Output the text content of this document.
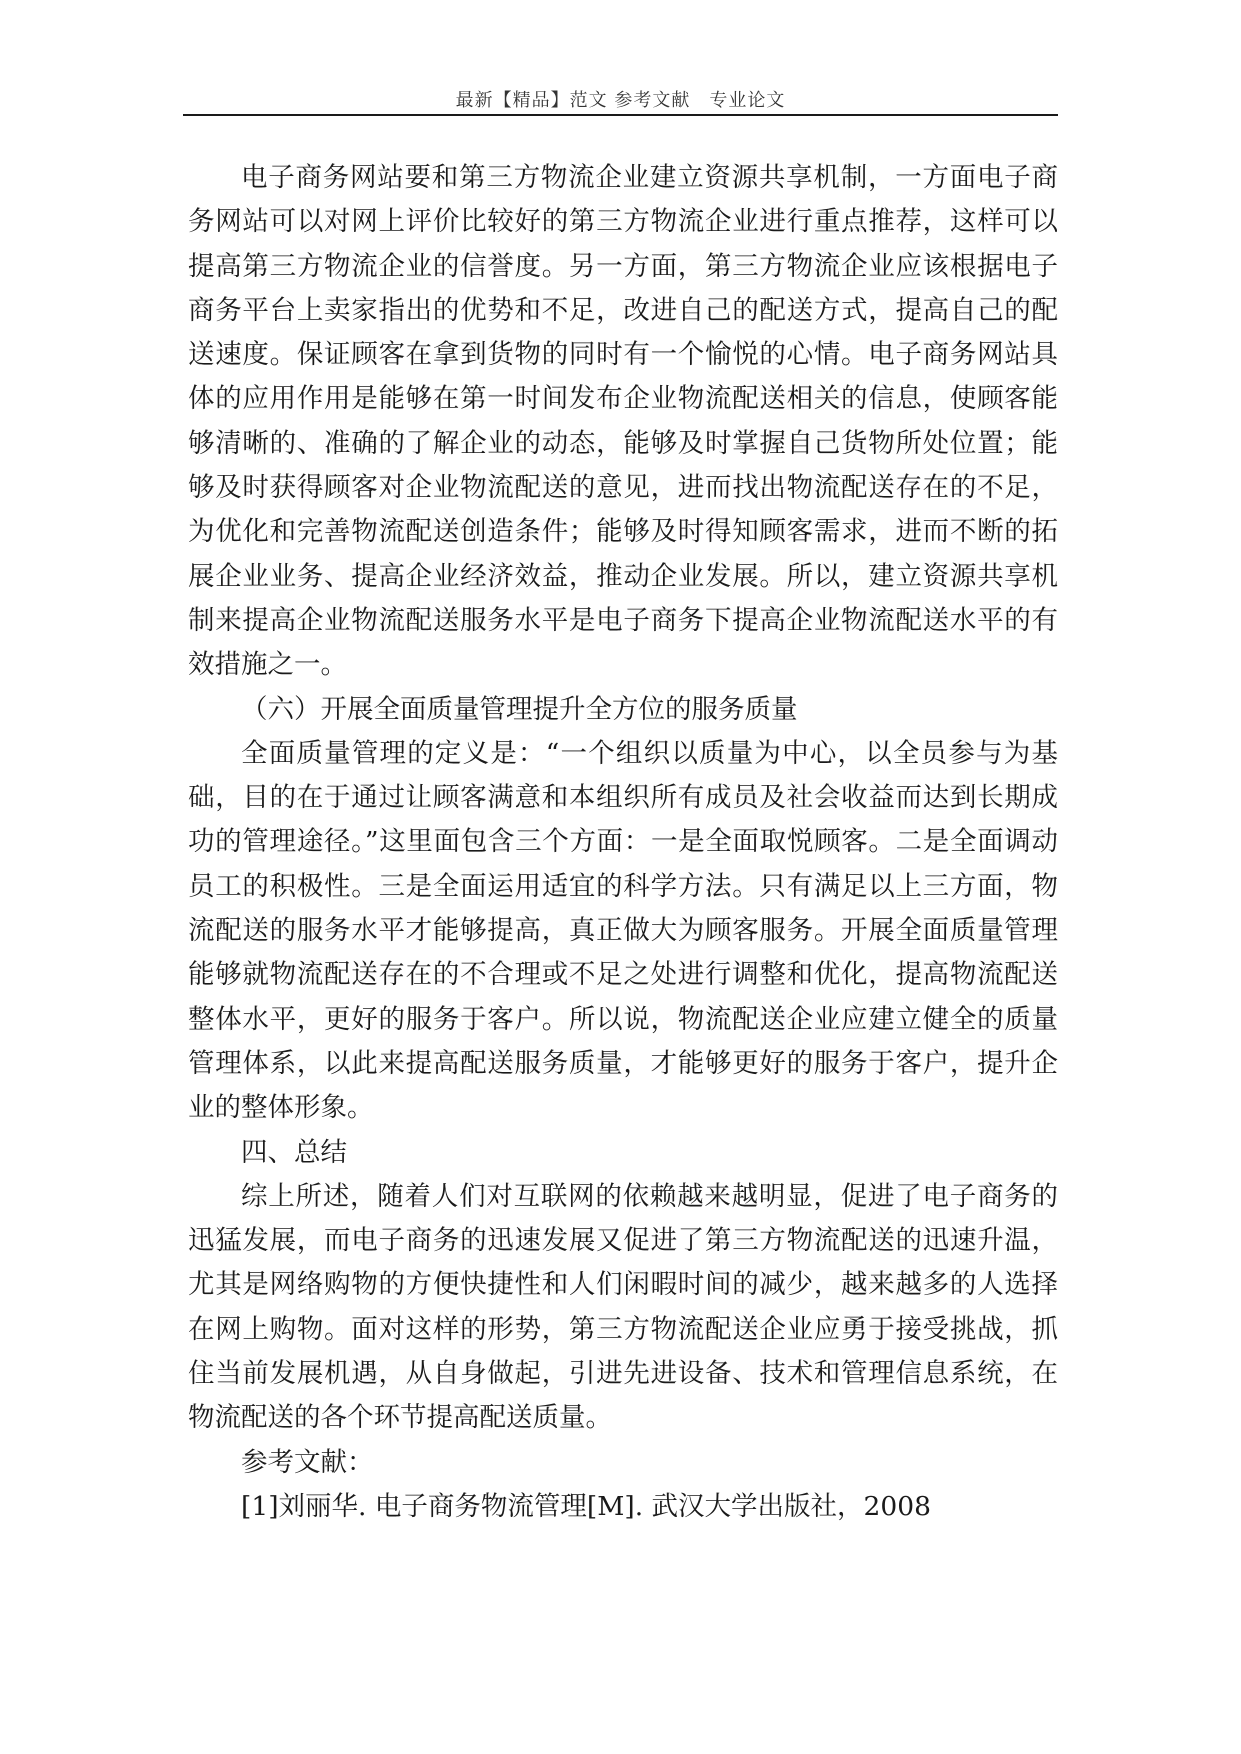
最新【精品】范文 参考文献　专业论文

电子商务网站要和第三方物流企业建立资源共享机制，一方面电子商务网站可以对网上评价比较好的第三方物流企业进行重点推荐，这样可以提高第三方物流企业的信誉度。另一方面，第三方物流企业应该根据电子商务平台上卖家指出的优势和不足，改进自己的配送方式，提高自己的配送速度。保证顾客在拿到货物的同时有一个愉悦的心情。电子商务网站具体的应用作用是能够在第一时间发布企业物流配送相关的信息，使顾客能够清晰的、准确的了解企业的动态，能够及时掌握自己货物所处位置；能够及时获得顾客对企业物流配送的意见，进而找出物流配送存在的不足，为优化和完善物流配送创造条件；能够及时得知顾客需求，进而不断的拓展企业业务、提高企业经济效益，推动企业发展。所以，建立资源共享机制来提高企业物流配送服务水平是电子商务下提高企业物流配送水平的有效措施之一。

（六）开展全面质量管理提升全方位的服务质量

全面质量管理的定义是：“一个组织以质量为中心，以全员参与为基础，目的在于通过让顾客满意和本组织所有成员及社会收益而达到长期成功的管理途径。”这里面包含三个方面：一是全面取悦顾客。二是全面调动员工的积极性。三是全面运用适宜的科学方法。只有满足以上三方面，物流配送的服务水平才能够提高，真正做大为顾客服务。开展全面质量管理能够就物流配送存在的不合理或不足之处进行调整和优化，提高物流配送整体水平，更好的服务于客户。所以说，物流配送企业应建立健全的质量管理体系，以此来提高配送服务质量，才能够更好的服务于客户，提升企业的整体形象。

四、总结

综上所述，随着人们对互联网的依赖越来越明显，促进了电子商务的迅猛发展，而电子商务的迅速发展又促进了第三方物流配送的迅速升温，尤其是网络购物的方便快捷性和人们闲暇时间的减少，越来越多的人选择在网上购物。面对这样的形势，第三方物流配送企业应勇于接受挑战，抓住当前发展机遇，从自身做起，引进先进设备、技术和管理信息系统，在物流配送的各个环节提高配送质量。

参考文献：

[1]刘丽华. 电子商务物流管理[M]. 武汉大学出版社，2008
